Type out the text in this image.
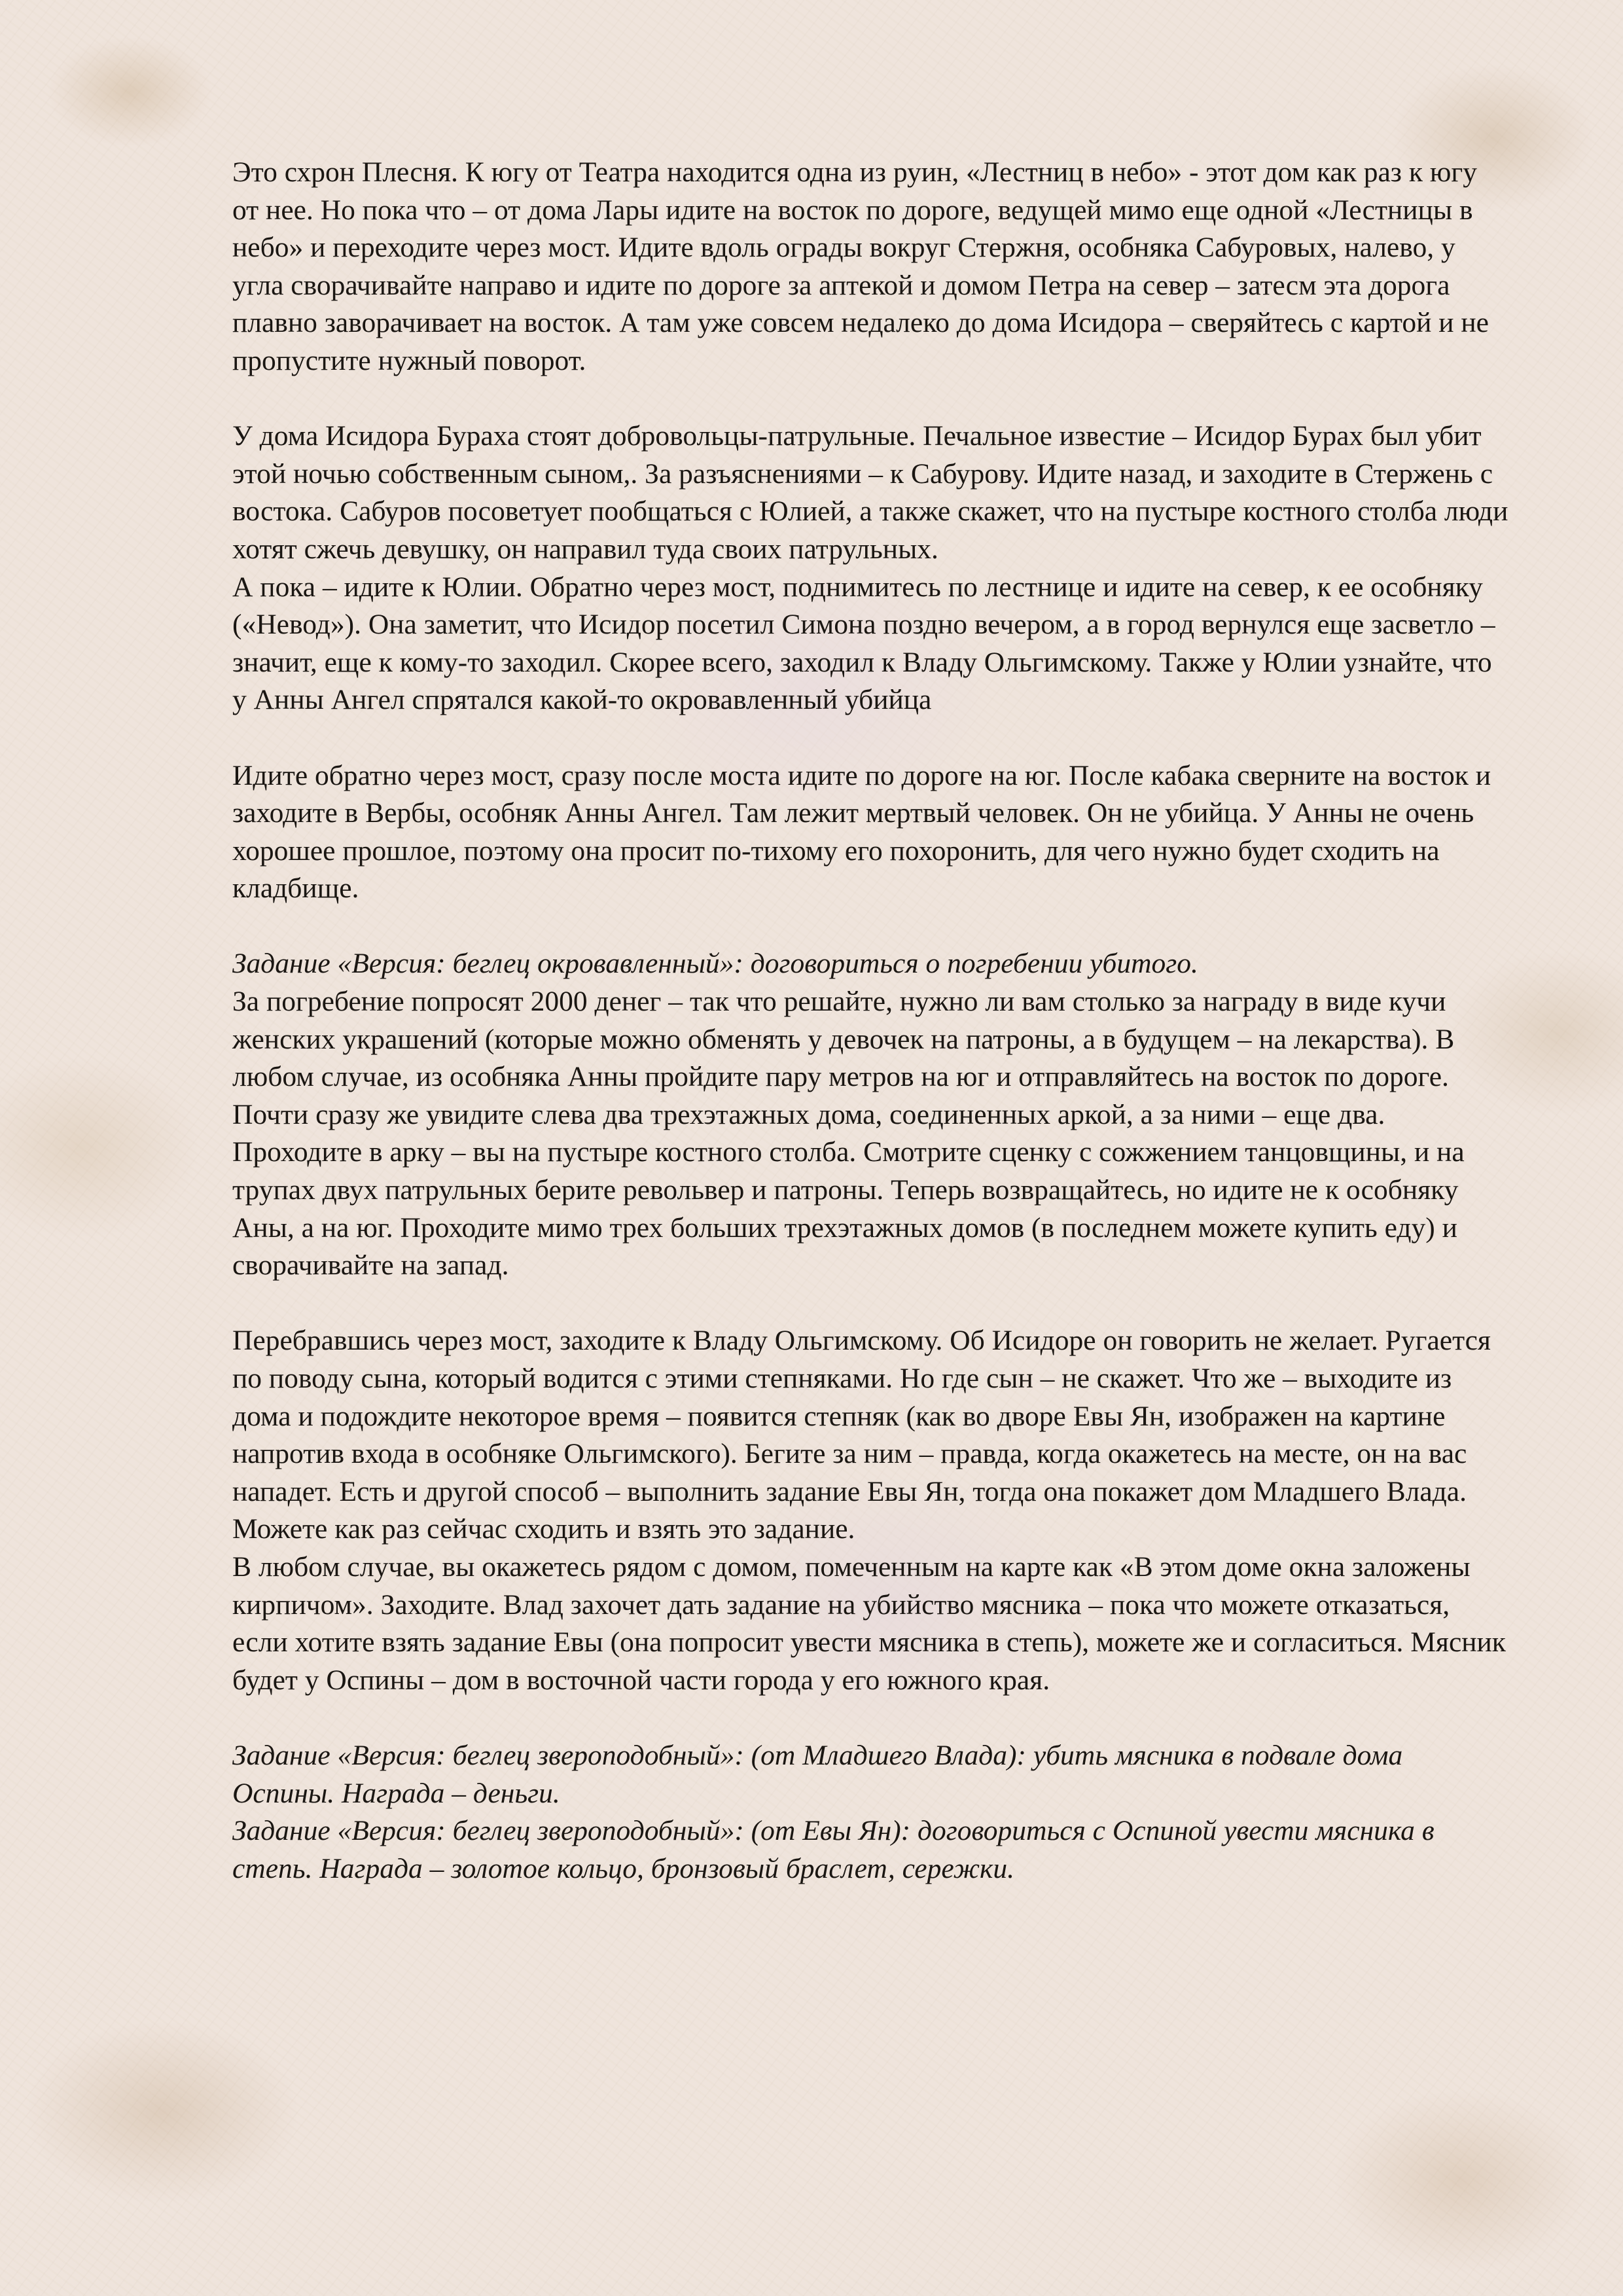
Это схрон Плесня. К югу от Театра находится одна из руин, «Лестниц в небо» - этот дом как раз к югу от нее. Но пока что – от дома Лары идите на восток по дороге, ведущей мимо еще одной «Лестницы в небо» и переходите через мост. Идите вдоль ограды вокруг Стержня, особняка Сабуровых, налево, у угла сворачивайте направо и идите по дороге за аптекой и домом Петра на север – затесм эта дорога плавно заворачивает на восток. А там уже совсем недалеко до дома Исидора – сверяйтесь с картой и не пропустите нужный поворот.

У дома Исидора Бураха стоят добровольцы-патрульные. Печальное известие – Исидор Бурах был убит этой ночью собственным сыном,. За разъяснениями – к Сабурову. Идите назад, и заходите в Стержень с востока. Сабуров посоветует пообщаться с Юлией, а также скажет, что на пустыре костного столба люди хотят сжечь девушку, он направил туда своих патрульных.

А пока – идите к Юлии. Обратно через мост, поднимитесь по лестнице и идите на север, к ее особняку («Невод»). Она заметит, что Исидор посетил Симона поздно вечером, а в город вернулся еще засветло – значит, еще к кому-то заходил. Скорее всего, заходил к Владу Ольгимскому. Также у Юлии узнайте, что у Анны Ангел спрятался какой-то окровавленный убийца

Идите обратно через мост, сразу после моста идите по дороге на юг. После кабака сверните на восток и заходите в Вербы, особняк Анны Ангел. Там лежит мертвый человек. Он не убийца. У Анны не очень хорошее прошлое, поэтому она просит по-тихому его похоронить, для чего нужно будет сходить на кладбище.

Задание «Версия: беглец окровавленный»: договориться о погребении убитого.

За погребение попросят 2000 денег – так что решайте, нужно ли вам столько за награду в виде кучи женских украшений (которые можно обменять у девочек на патроны, а в будущем – на лекарства). В любом случае, из особняка Анны пройдите пару метров на юг и отправляйтесь на восток по дороге. Почти сразу же увидите слева два трехэтажных дома, соединенных аркой, а за ними – еще два. Проходите в арку – вы на пустыре костного столба. Смотрите сценку с сожжением танцовщины, и на трупах двух патрульных берите револьвер и патроны. Теперь возвращайтесь, но идите не к особняку Аны, а на юг. Проходите мимо трех больших трехэтажных домов (в последнем можете купить еду) и сворачивайте на запад.

Перебравшись через мост, заходите к Владу Ольгимскому. Об Исидоре он говорить не желает. Ругается по поводу сына, который водится с этими степняками. Но где сын – не скажет. Что же – выходите из дома и подождите некоторое время – появится степняк (как во дворе Евы Ян, изображен на картине напротив входа в особняке Ольгимского). Бегите за ним – правда, когда окажетесь на месте, он на вас нападет. Есть и другой способ – выполнить задание Евы Ян, тогда она покажет дом Младшего Влада. Можете как раз сейчас сходить и взять это задание.

В любом случае, вы окажетесь рядом с домом, помеченным на карте как «В этом доме окна заложены кирпичом». Заходите. Влад захочет дать задание на убийство мясника – пока что можете отказаться, если хотите взять задание Евы (она попросит увести мясника в степь), можете же и согласиться. Мясник будет у Оспины – дом в восточной части города у его южного края.

Задание «Версия: беглец звероподобный»: (от Младшего Влада): убить мясника в подвале дома Оспины. Награда – деньги.

Задание «Версия: беглец звероподобный»: (от Евы Ян): договориться с Оспиной увести мясника в степь. Награда – золотое кольцо, бронзовый браслет, сережки.
